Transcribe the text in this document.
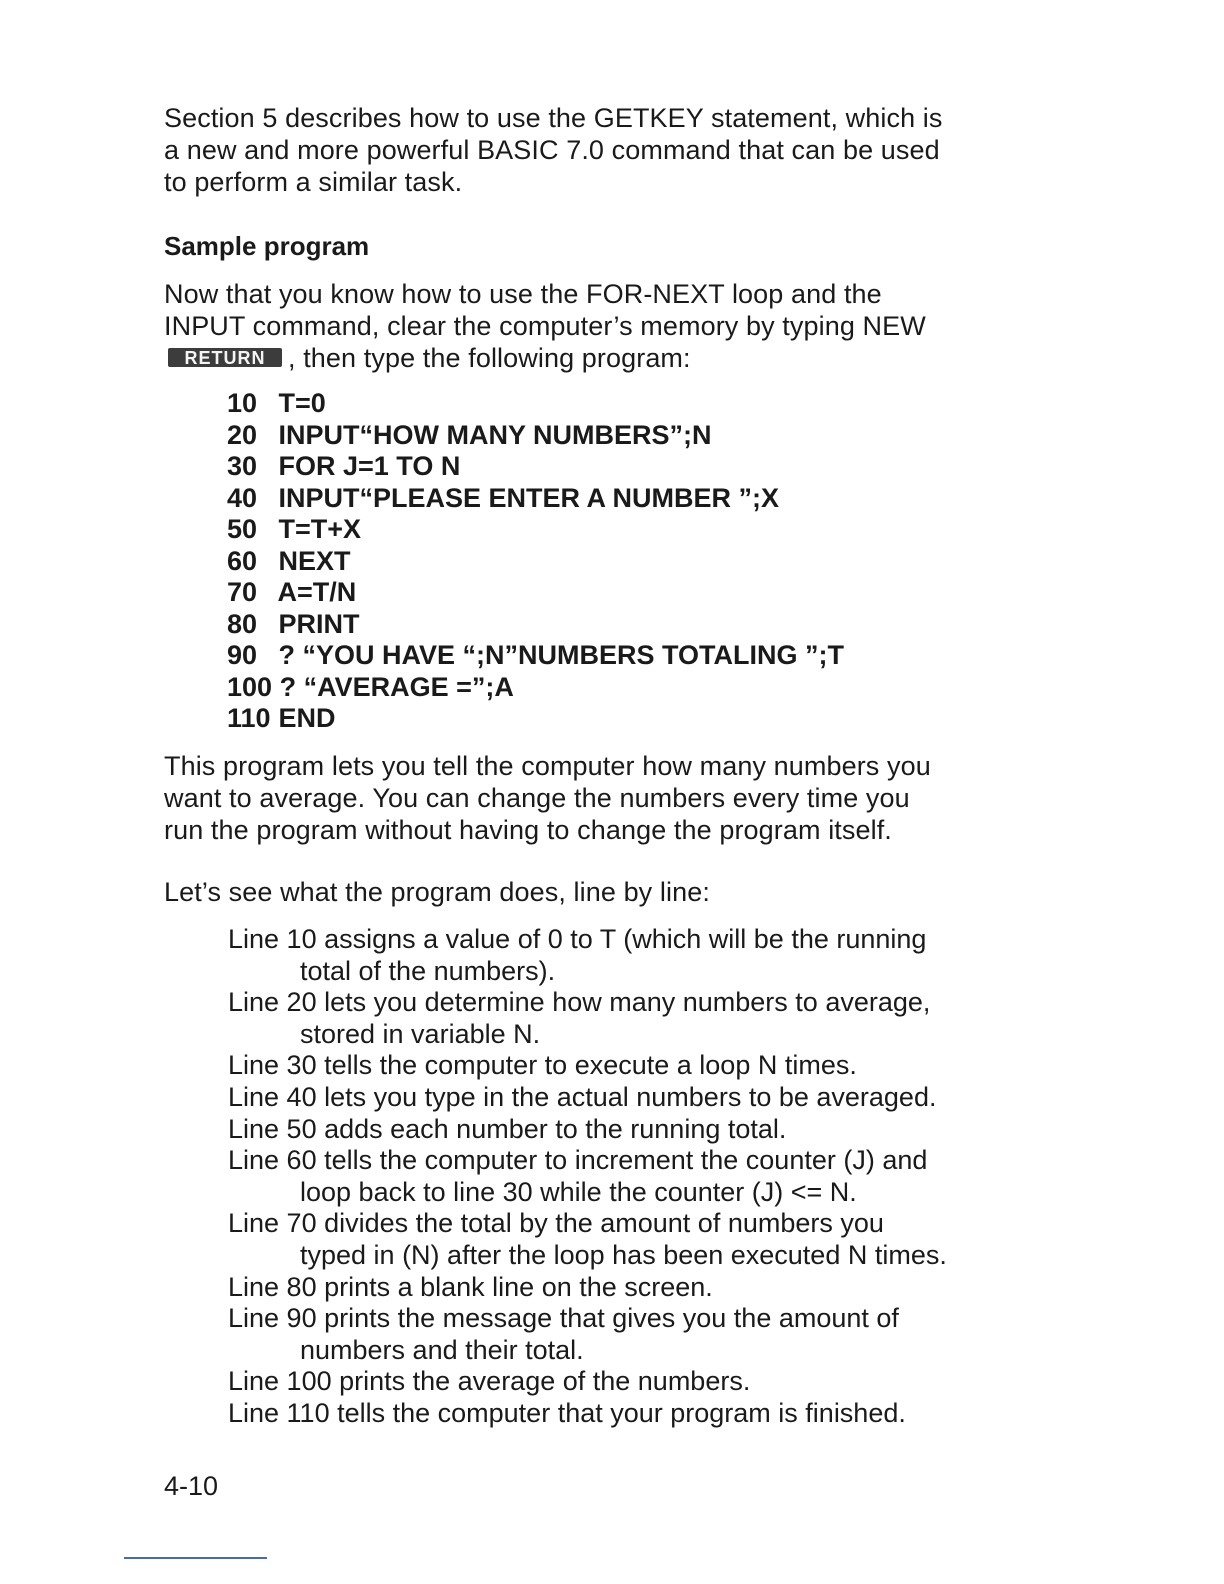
Section 5 describes how to use the GETKEY statement, which is
a new and more powerful BASIC 7.0 command that can be used
to perform a similar task.
Sample program
Now that you know how to use the FOR-NEXT loop and the
INPUT command, clear the computer’s memory by typing NEW
RETURN , then type the following program:
10 T=0
20 INPUT“HOW MANY NUMBERS”;N
30 FOR J=1 TO N
40 INPUT“PLEASE ENTER A NUMBER ”;X
50 T=T+X
60 NEXT
70 A=T/N
80 PRINT
90 ? “YOU HAVE “;N”NUMBERS TOTALING ”;T
100 ? “AVERAGE =”;A
110 END
This program lets you tell the computer how many numbers you
want to average. You can change the numbers every time you
run the program without having to change the program itself.
Let’s see what the program does, line by line:
Line 10 assigns a value of 0 to T (which will be the running
total of the numbers).
Line 20 lets you determine how many numbers to average,
stored in variable N.
Line 30 tells the computer to execute a loop N times.
Line 40 lets you type in the actual numbers to be averaged.
Line 50 adds each number to the running total.
Line 60 tells the computer to increment the counter (J) and
loop back to line 30 while the counter (J) <= N.
Line 70 divides the total by the amount of numbers you
typed in (N) after the loop has been executed N times.
Line 80 prints a blank line on the screen.
Line 90 prints the message that gives you the amount of
numbers and their total.
Line 100 prints the average of the numbers.
Line 110 tells the computer that your program is finished.
4-10
